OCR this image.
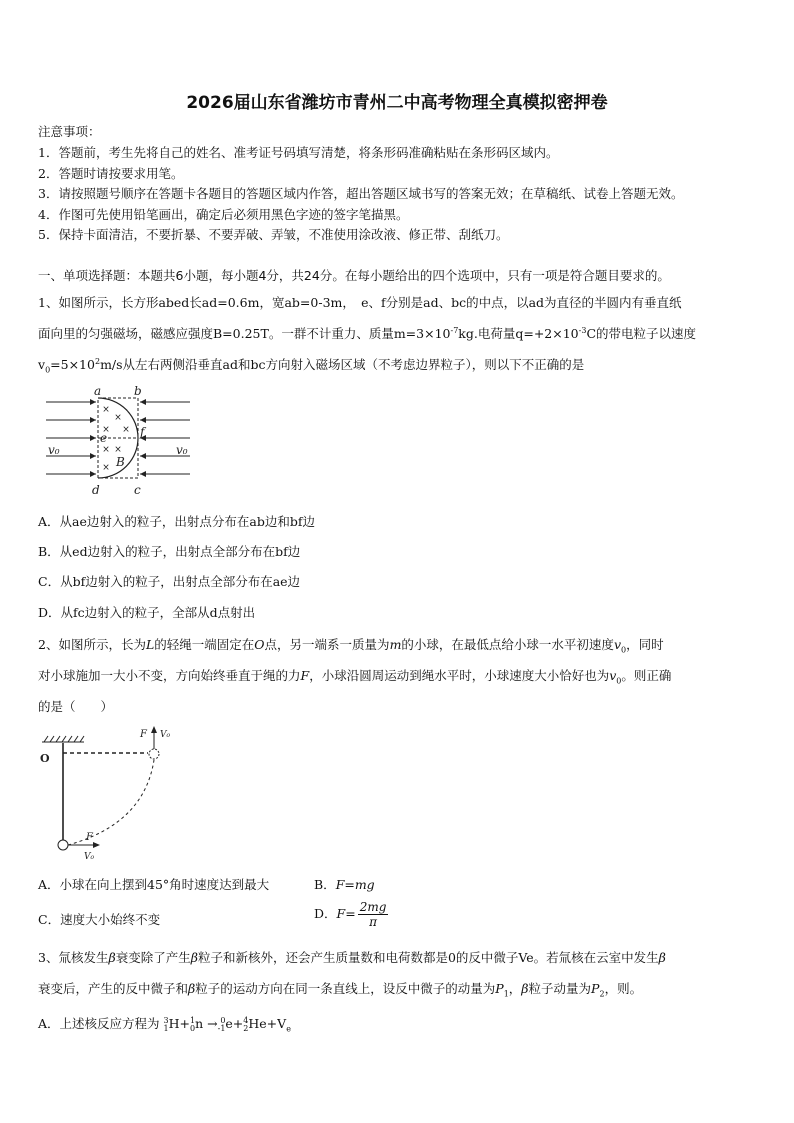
2026届山东省潍坊市青州二中高考物理全真模拟密押卷
注意事项：
1．答题前，考生先将自己的姓名、准考证号码填写清楚，将条形码准确粘贴在条形码区域内。
2．答题时请按要求用笔。
3．请按照题号顺序在答题卡各题目的答题区域内作答，超出答题区域书写的答案无效；在草稿纸、试卷上答题无效。
4．作图可先使用铅笔画出，确定后必须用黑色字迹的签字笔描黑。
5．保持卡面清洁，不要折暴、不要弄破、弄皱，不准使用涂改液、修正带、刮纸刀。
一、单项选择题：本题共6小题，每小题4分，共24分。在每小题给出的四个选项中，只有一项是符合题目要求的。
1、如图所示，长方形abed长ad=0.6m，宽ab=0-3m，　e、f分别是ad、bc的中点，以ad为直径的半圆内有垂直纸
面向里的匀强磁场，磁感应强度B=0.25T。一群不计重力、质量$m=3\times 10^{-7}kg$.电荷量$q=+2\times 10^{-3}C$的带电粒子以速度
$v_0=5\times 10^2m/s$从左右两侧沿垂直ad和bc方向射入磁场区域（不考虑边界粒子），则以下不正确的是
×
×
×
×
×
×
×
a	b
e	f
B
d	c
v₀	v₀
A．从ae边射入的粒子，出射点分布在ab边和bf边
B．从ed边射入的粒子，出射点全部分布在bf边
C．从bf边射入的粒子，出射点全部分布在ae边
D．从fc边射入的粒子，全部从d点射出
2、如图所示，长为L的轻绳一端固定在O点，另一端系一质量为m的小球，在最低点给小球一水平初速度$v_0$，同时
对小球施加一大小不变，方向始终垂直于绳的力F，小球沿圆周运动到绳水平时，小球速度大小恰好也为$v_0$。则正确
的是（　　）
O
F V₀
F
V₀
A．小球在向上摆到45°角时速度达到最大	B．F=mg
C．速度大小始终不变	D．$F= \frac{2mg}{\pi}$
3、氚核发生β衰变除了产生β粒子和新核外，还会产生质量数和电荷数都是0的反中微子Ve。若氚核在云室中发生β
衰变后，产生的反中微子和β粒子的运动方向在同一条直线上，设反中微子的动量为$P_1$，β粒子动量为$P_2$，则。
A．上述核反应方程为 3
1H+1
0n → 0
-1e+4
$2He+V_e$
